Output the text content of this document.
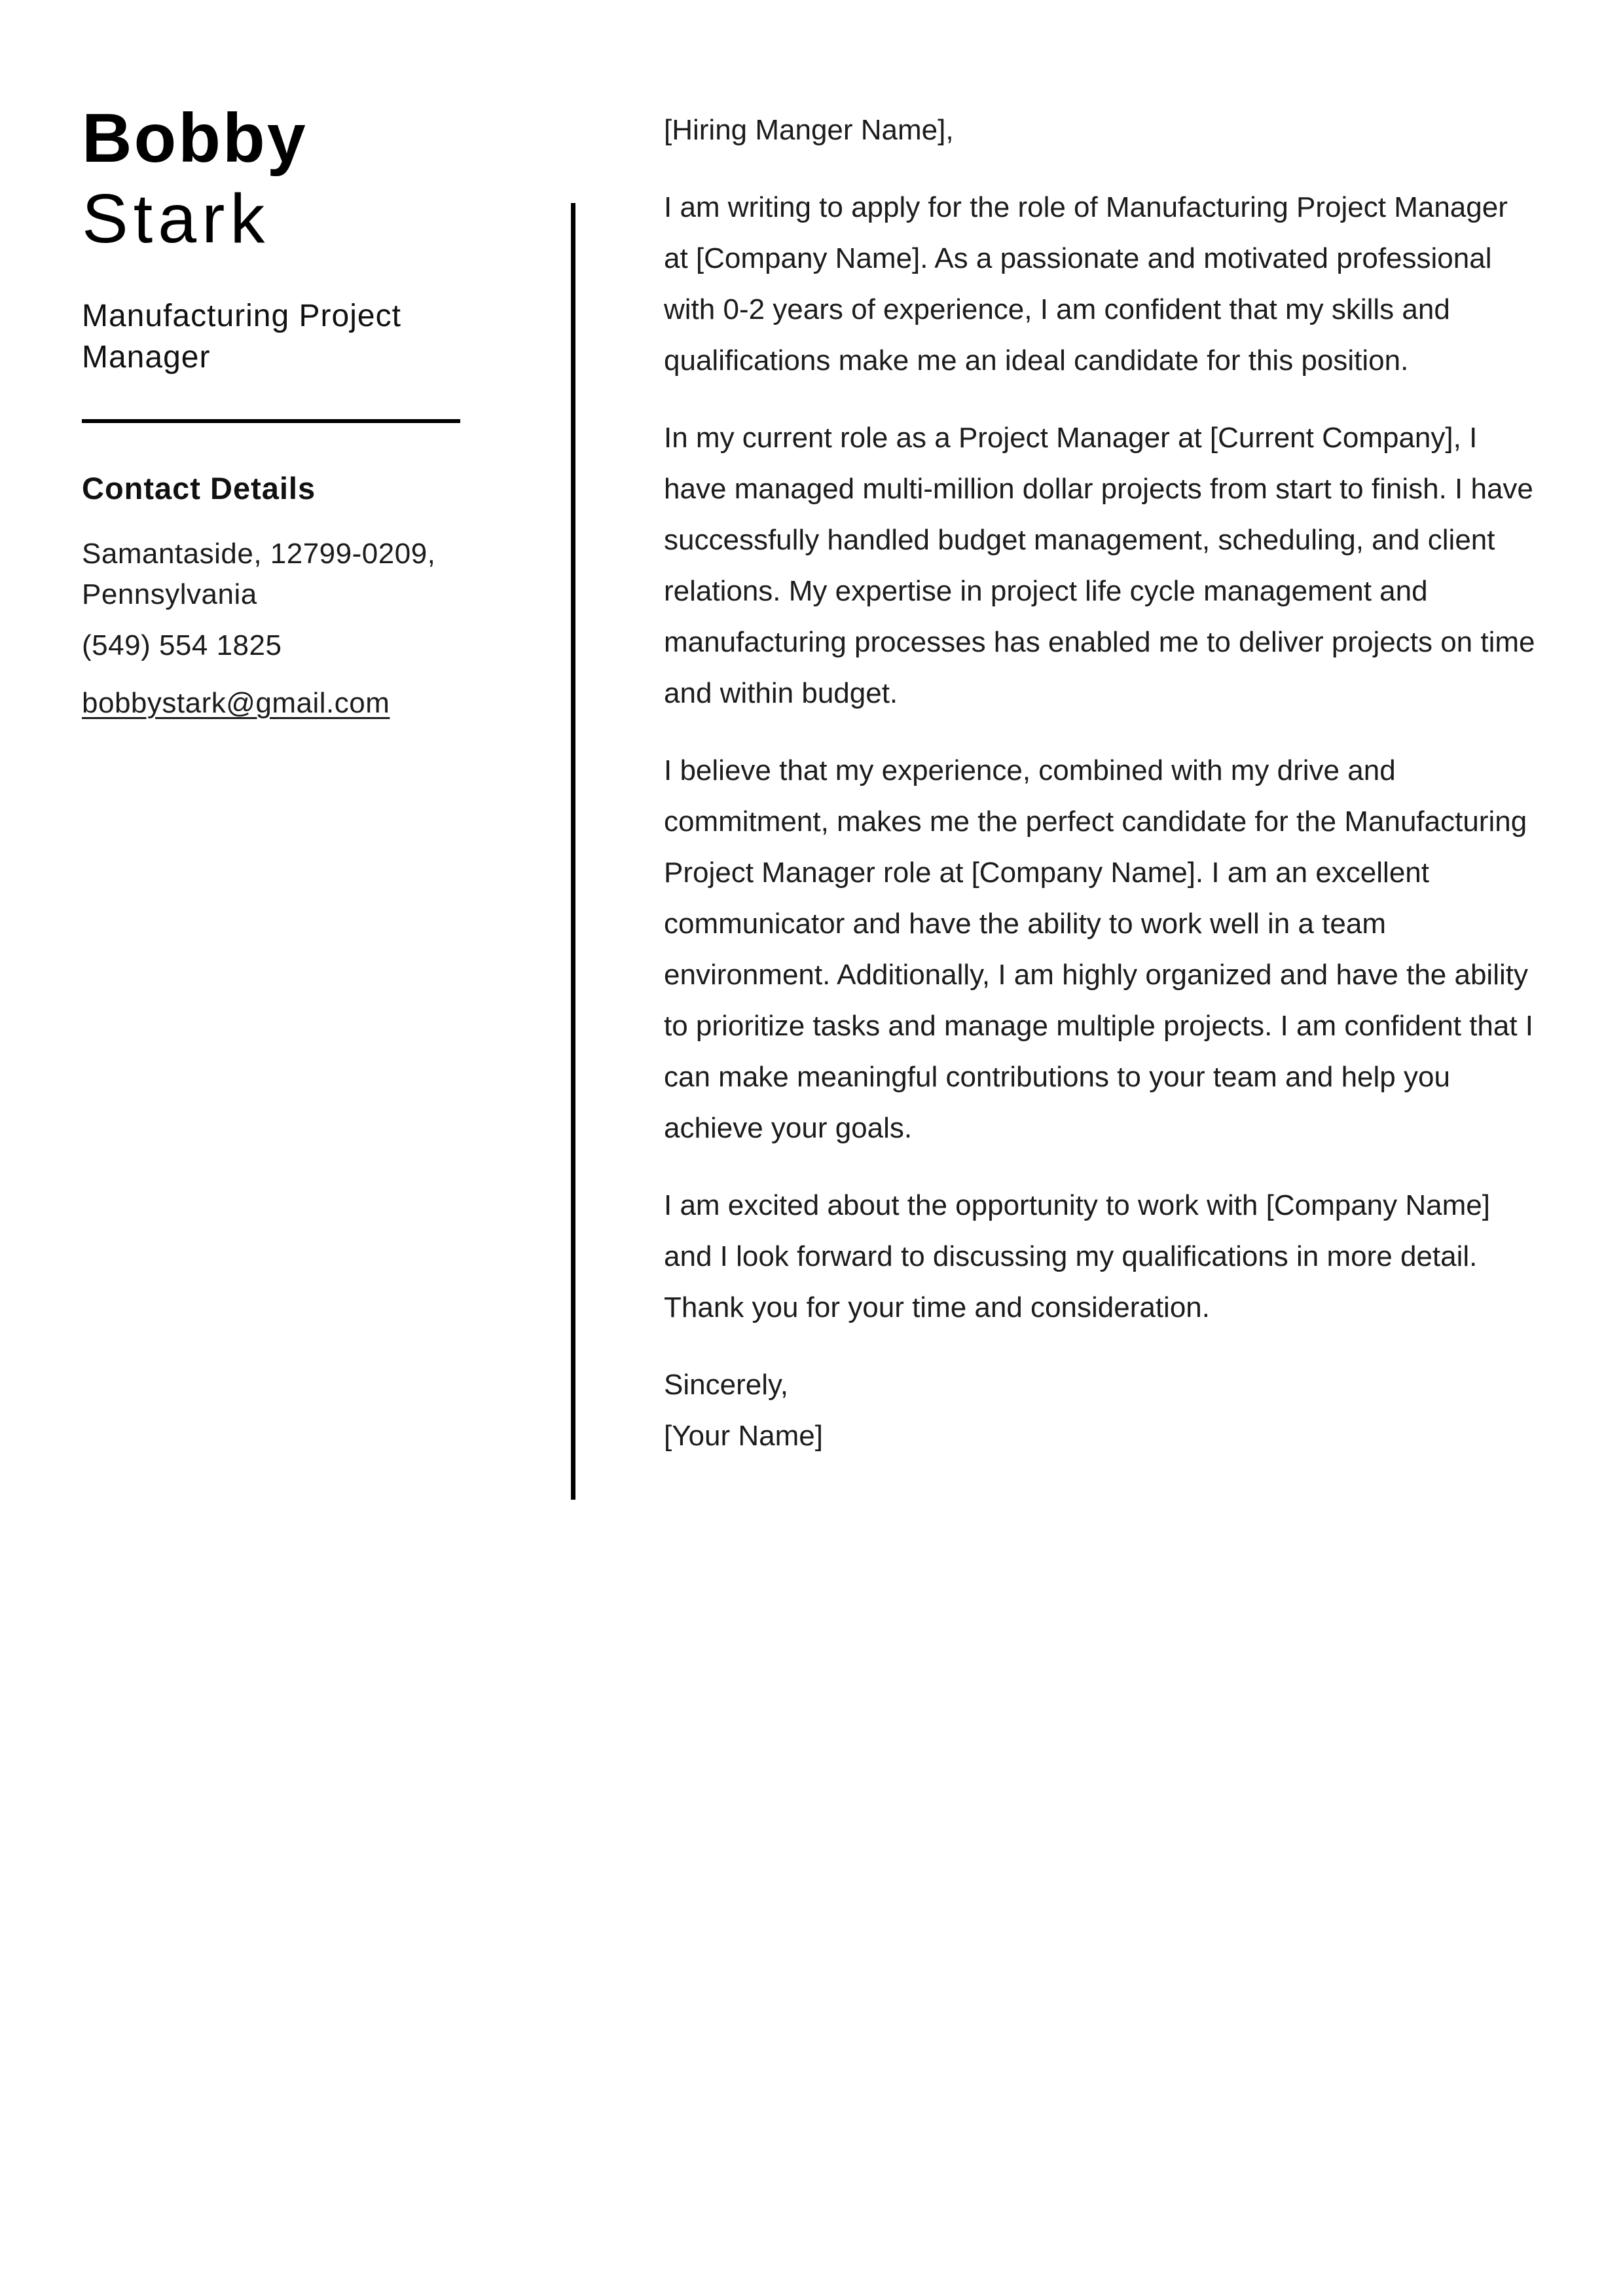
Bobby
Stark
Manufacturing Project Manager
Contact Details
Samantaside, 12799-0209,
Pennsylvania
(549) 554 1825
bobbystark@gmail.com

[Hiring Manger Name],

I am writing to apply for the role of Manufacturing Project Manager at [Company Name]. As a passionate and motivated professional with 0-2 years of experience, I am confident that my skills and qualifications make me an ideal candidate for this position.

In my current role as a Project Manager at [Current Company], I have managed multi-million dollar projects from start to finish. I have successfully handled budget management, scheduling, and client relations. My expertise in project life cycle management and manufacturing processes has enabled me to deliver projects on time and within budget.

I believe that my experience, combined with my drive and commitment, makes me the perfect candidate for the Manufacturing Project Manager role at [Company Name]. I am an excellent communicator and have the ability to work well in a team environment. Additionally, I am highly organized and have the ability to prioritize tasks and manage multiple projects. I am confident that I can make meaningful contributions to your team and help you achieve your goals.

I am excited about the opportunity to work with [Company Name] and I look forward to discussing my qualifications in more detail. Thank you for your time and consideration.

Sincerely,
[Your Name]
